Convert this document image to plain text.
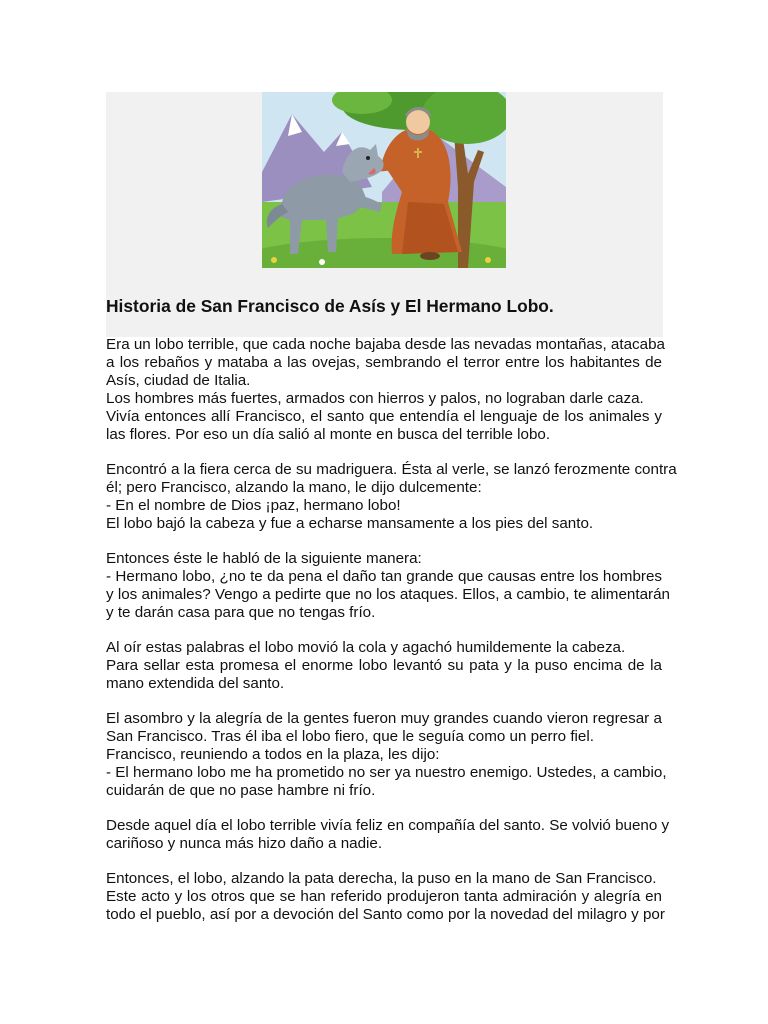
Historia de San Francisco de Asís y El Hermano Lobo.

Era un lobo terrible, que cada noche bajaba desde las nevadas montañas, atacaba
a los rebaños y mataba a las ovejas, sembrando el terror entre los habitantes de
Asís, ciudad de Italia.
Los hombres más fuertes, armados con hierros y palos, no lograban darle caza.
Vivía entonces allí Francisco, el santo que entendía el lenguaje de los animales y
las flores. Por eso un día salió al monte en busca del terrible lobo.

Encontró a la fiera cerca de su madriguera. Ésta al verle, se lanzó ferozmente contra
él; pero Francisco, alzando la mano, le dijo dulcemente:
- En el nombre de Dios ¡paz, hermano lobo!
El lobo bajó la cabeza y fue a echarse mansamente a los pies del santo.

Entonces éste le habló de la siguiente manera:
- Hermano lobo, ¿no te da pena el daño tan grande que causas entre los hombres
y los animales? Vengo a pedirte que no los ataques. Ellos, a cambio, te alimentarán
y te darán casa para que no tengas frío.

Al oír estas palabras el lobo movió la cola y agachó humildemente la cabeza.
Para sellar esta promesa el enorme lobo levantó su pata y la puso encima de la
mano extendida del santo.

El asombro y la alegría de la gentes fueron muy grandes cuando vieron regresar a
San Francisco. Tras él iba el lobo fiero, que le seguía como un perro fiel.
Francisco, reuniendo a todos en la plaza, les dijo:
- El hermano lobo me ha prometido no ser ya nuestro enemigo. Ustedes, a cambio,
cuidarán de que no pase hambre ni frío.

Desde aquel día el lobo terrible vivía feliz en compañía del santo. Se volvió bueno y
cariñoso y nunca más hizo daño a nadie.

Entonces, el lobo, alzando la pata derecha, la puso en la mano de San Francisco.
Este acto y los otros que se han referido produjeron tanta admiración y alegría en
todo el pueblo, así por a devoción del Santo como por la novedad del milagro y por
